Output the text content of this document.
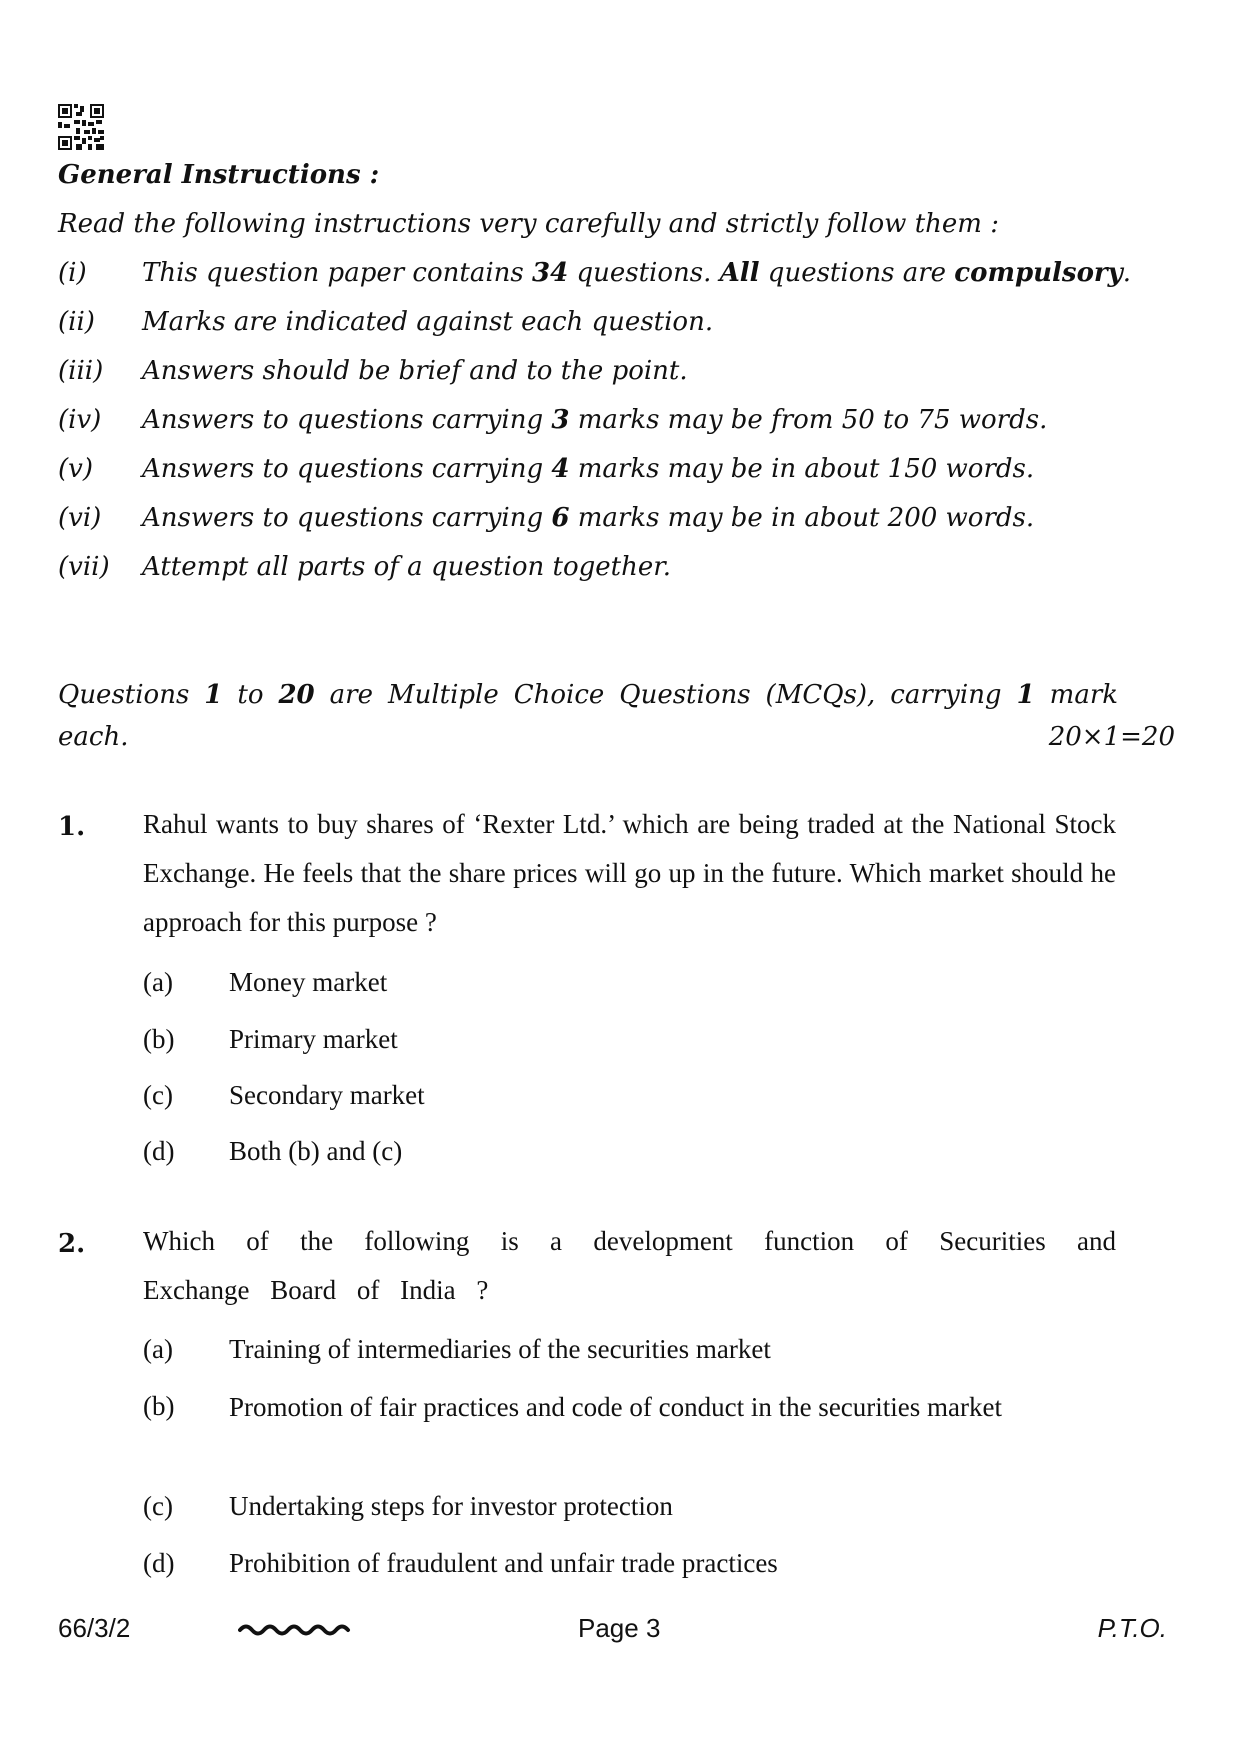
General Instructions :
Read the following instructions very carefully and strictly follow them :
(i) This question paper contains 34 questions. All questions are compulsory.
(ii) Marks are indicated against each question.
(iii) Answers should be brief and to the point.
(iv) Answers to questions carrying 3 marks may be from 50 to 75 words.
(v) Answers to questions carrying 4 marks may be in about 150 words.
(vi) Answers to questions carrying 6 marks may be in about 200 words.
(vii) Attempt all parts of a question together.
Questions 1 to 20 are Multiple Choice Questions (MCQs), carrying 1 mark
each.	20×1=20
1. Rahul wants to buy shares of ‘Rexter Ltd.’ which are being traded at the National Stock Exchange. He feels that the share prices will go up in the future. Which market should he approach for this purpose ?
(a) Money market
(b) Primary market
(c) Secondary market
(d) Both (b) and (c)
2. Which of the following is a development function of Securities and Exchange Board of India ?
(a) Training of intermediaries of the securities market
(b) Promotion of fair practices and code of conduct in the securities market
(c) Undertaking steps for investor protection
(d) Prohibition of fraudulent and unfair trade practices
66/3/2	Page 3	P.T.O.
